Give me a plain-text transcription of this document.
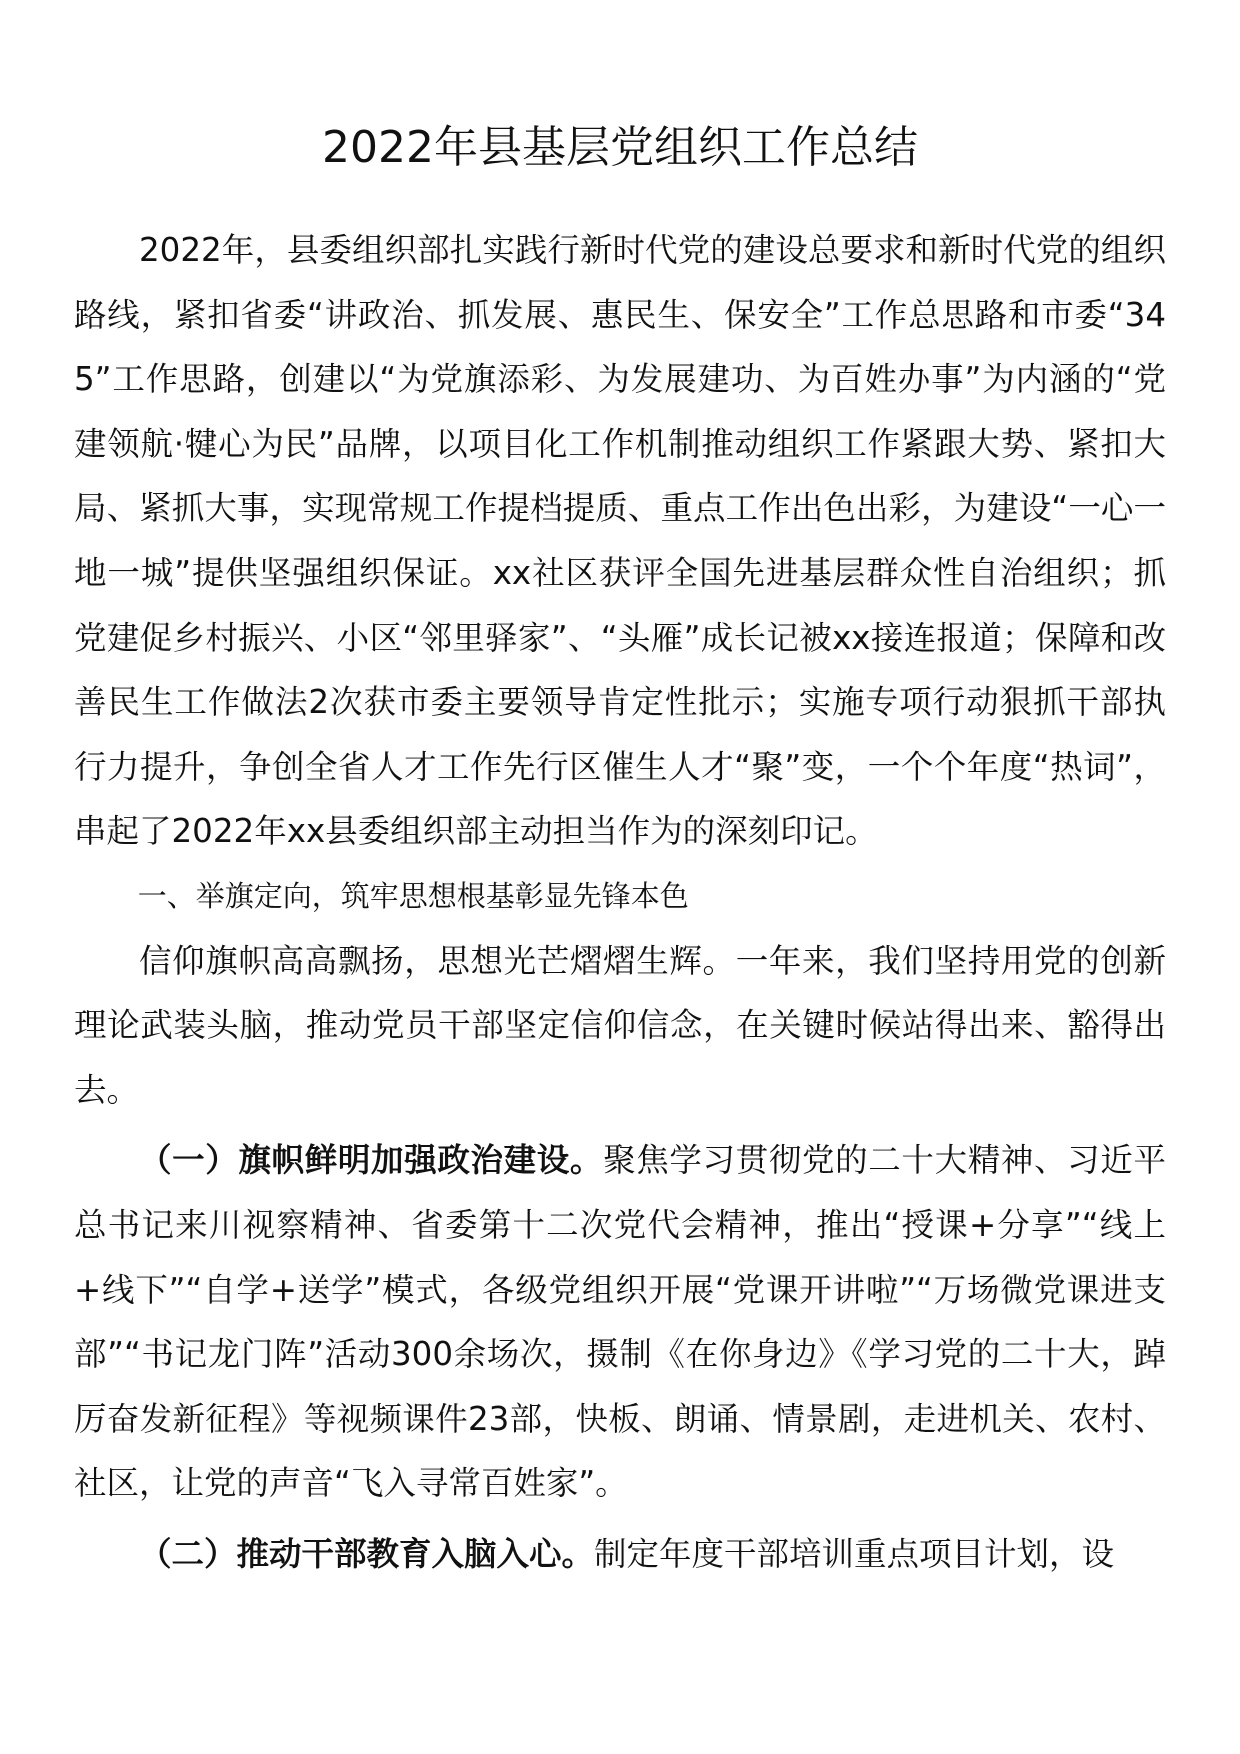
2022年县基层党组织工作总结

2022年，县委组织部扎实践行新时代党的建设总要求和新时代党的组织路线，紧扣省委“讲政治、抓发展、惠民生、保安全”工作总思路和市委“345”工作思路，创建以“为党旗添彩、为发展建功、为百姓办事”为内涵的“党建领航·犍心为民”品牌，以项目化工作机制推动组织工作紧跟大势、紧扣大局、紧抓大事，实现常规工作提档提质、重点工作出色出彩，为建设“一心一地一城”提供坚强组织保证。xx社区获评全国先进基层群众性自治组织；抓党建促乡村振兴、小区“邻里驿家”、“头雁”成长记被xx接连报道；保障和改善民生工作做法2次获市委主要领导肯定性批示；实施专项行动狠抓干部执行力提升，争创全省人才工作先行区催生人才“聚”变，一个个年度“热词”，串起了2022年xx县委组织部主动担当作为的深刻印记。

一、举旗定向，筑牢思想根基彰显先锋本色

信仰旗帜高高飘扬，思想光芒熠熠生辉。一年来，我们坚持用党的创新理论武装头脑，推动党员干部坚定信仰信念，在关键时候站得出来、豁得出去。

（一）旗帜鲜明加强政治建设。聚焦学习贯彻党的二十大精神、习近平总书记来川视察精神、省委第十二次党代会精神，推出“授课+分享”“线上+线下”“自学+送学”模式，各级党组织开展“党课开讲啦”“万场微党课进支部”“书记龙门阵”活动300余场次，摄制《在你身边》《学习党的二十大，踔厉奋发新征程》等视频课件23部，快板、朗诵、情景剧，走进机关、农村、社区，让党的声音“飞入寻常百姓家”。

（二）推动干部教育入脑入心。制定年度干部培训重点项目计划，设
